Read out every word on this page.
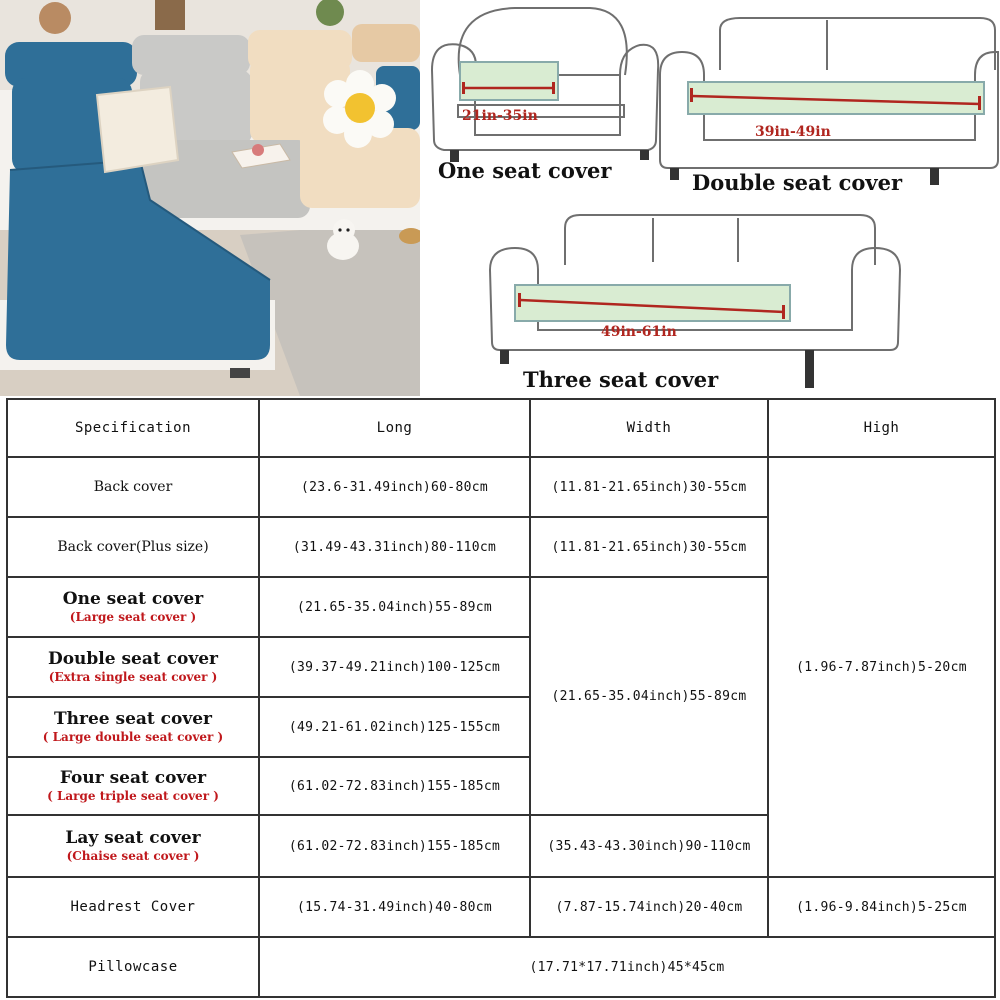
21in-35in
39in-49in
49in-61in
One seat cover	Double seat cover
Three seat cover
Specification	Long	Width	High
Back cover	(23.6-31.49inch)60-80cm	(11.81-21.65inch)30-55cm	(1.96-7.87inch)5-20cm
Back cover(Plus size)	(31.49-43.31inch)80-110cm	(11.81-21.65inch)30-55cm	

One seat cover
(Large seat cover )	(21.65-35.04inch)55-89cm	(21.65-35.04inch)55-89cm	

Double seat cover
(Extra single seat cover )	(39.37-49.21inch)100-125cm		

Three seat cover
( Large double seat cover )	(49.21-61.02inch)125-155cm		

Four seat cover
( Large triple seat cover )	(61.02-72.83inch)155-185cm		

Lay seat cover
(Chaise seat cover )	(61.02-72.83inch)155-185cm	(35.43-43.30inch)90-110cm	
Headrest Cover	(15.74-31.49inch)40-80cm	(7.87-15.74inch)20-40cm	(1.96-9.84inch)5-25cm
Pillowcase	(17.71*17.71inch)45*45cm		
